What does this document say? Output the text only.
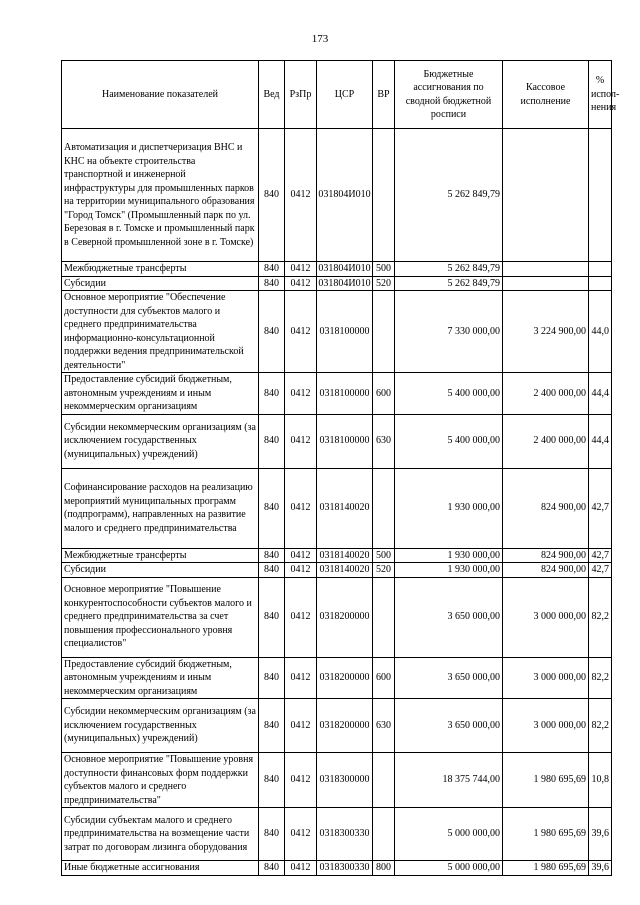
173
Наименование показателей	Вед	РзПр	ЦСР	ВР	Бюджетные ассигнования по сводной бюджетной росписи	Кассовое исполнение	% испол-нения
Автоматизация и диспетчеризация ВНС и КНС на объекте строительства транспортной и инженерной инфраструктуры для промышленных парков на территории муниципального образования "Город Томск" (Промышленный парк по ул. Березовая в г. Томске и промышленный парк в Северной промышленной зоне в г. Томске)	840	0412	031804И010		5 262 849,79		
Межбюджетные трансферты	840	0412	031804И010	500	5 262 849,79		
Субсидии	840	0412	031804И010	520	5 262 849,79		
Основное мероприятие "Обеспечение доступности для субъектов малого и среднего предпринимательства информационно-консультационной поддержки ведения предпринимательской деятельности"	840	0412	0318100000		7 330 000,00	3 224 900,00	44,0
Предоставление субсидий бюджетным, автономным учреждениям и иным некоммерческим организациям	840	0412	0318100000	600	5 400 000,00	2 400 000,00	44,4
Субсидии некоммерческим организациям (за исключением государственных (муниципальных) учреждений)	840	0412	0318100000	630	5 400 000,00	2 400 000,00	44,4
Софинансирование расходов на реализацию мероприятий муниципальных программ (подпрограмм), направленных на развитие малого и среднего предпринимательства	840	0412	0318140020		1 930 000,00	824 900,00	42,7
Межбюджетные трансферты	840	0412	0318140020	500	1 930 000,00	824 900,00	42,7
Субсидии	840	0412	0318140020	520	1 930 000,00	824 900,00	42,7
Основное мероприятие "Повышение конкурентоспособности субъектов малого и среднего предпринимательства за счет повышения профессионального уровня специалистов"	840	0412	0318200000		3 650 000,00	3 000 000,00	82,2
Предоставление субсидий бюджетным, автономным учреждениям и иным некоммерческим организациям	840	0412	0318200000	600	3 650 000,00	3 000 000,00	82,2
Субсидии некоммерческим организациям (за исключением государственных (муниципальных) учреждений)	840	0412	0318200000	630	3 650 000,00	3 000 000,00	82,2
Основное мероприятие "Повышение уровня доступности финансовых форм поддержки субъектов малого и среднего предпринимательства"	840	0412	0318300000		18 375 744,00	1 980 695,69	10,8
Субсидии субъектам малого и среднего предпринимательства на возмещение части затрат по договорам лизинга оборудования	840	0412	0318300330		5 000 000,00	1 980 695,69	39,6
Иные бюджетные ассигнования	840	0412	0318300330	800	5 000 000,00	1 980 695,69	39,6
